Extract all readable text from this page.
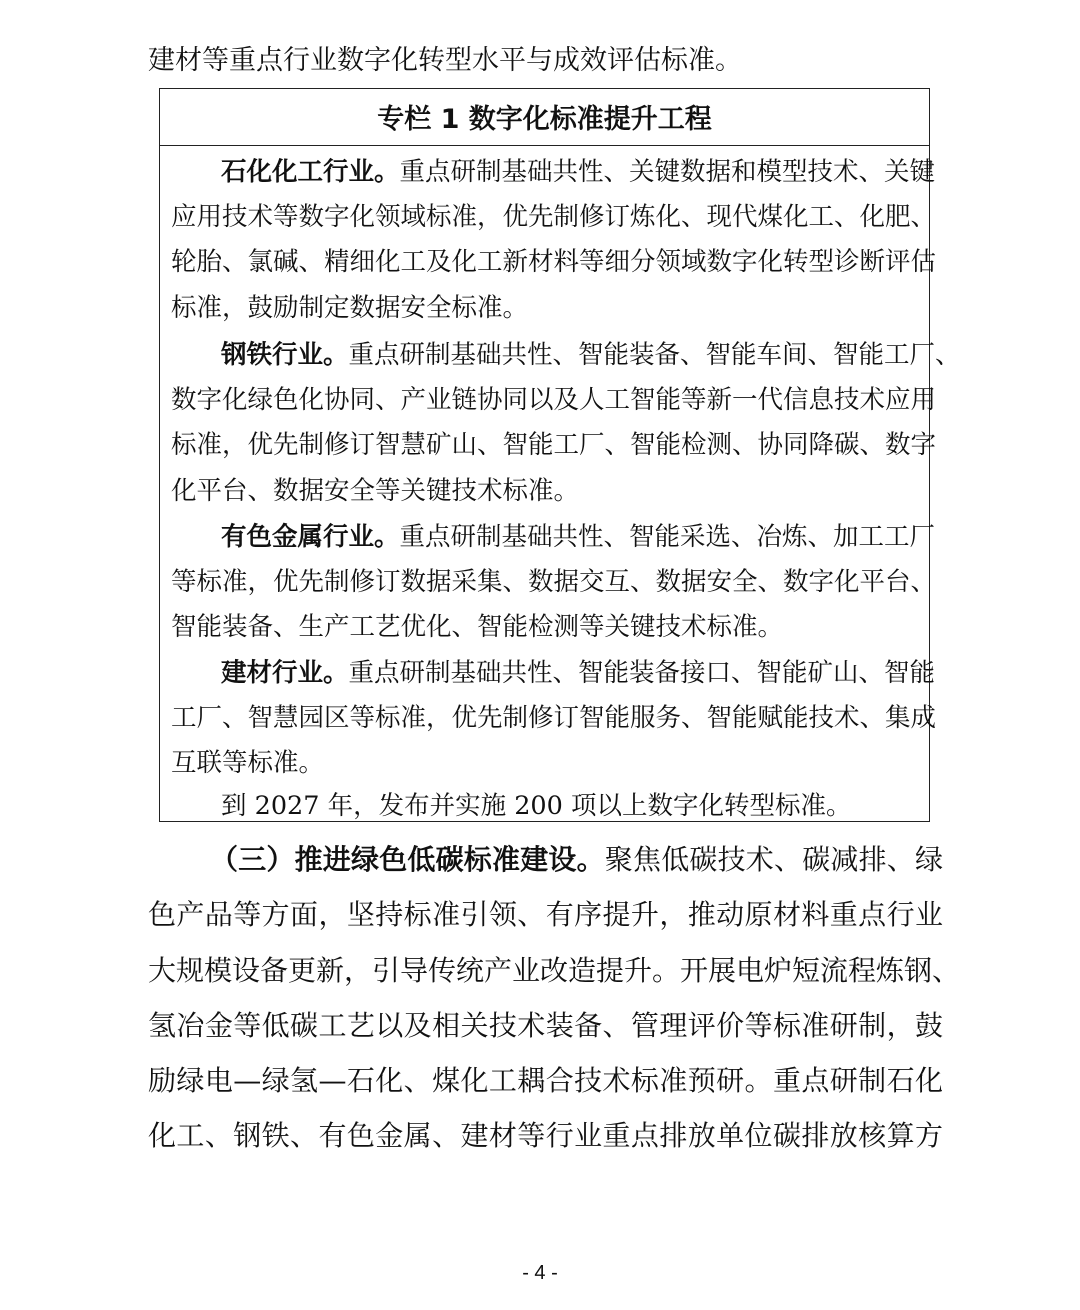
建材等重点行业数字化转型水平与成效评估标准。
专栏 1 数字化标准提升工程
石化化工行业。重点研制基础共性、关键数据和模型技术、关键
应用技术等数字化领域标准，优先制修订炼化、现代煤化工、化肥、
轮胎、氯碱、精细化工及化工新材料等细分领域数字化转型诊断评估
标准，鼓励制定数据安全标准。
钢铁行业。重点研制基础共性、智能装备、智能车间、智能工厂、
数字化绿色化协同、产业链协同以及人工智能等新一代信息技术应用
标准，优先制修订智慧矿山、智能工厂、智能检测、协同降碳、数字
化平台、数据安全等关键技术标准。
有色金属行业。重点研制基础共性、智能采选、冶炼、加工工厂
等标准，优先制修订数据采集、数据交互、数据安全、数字化平台、
智能装备、生产工艺优化、智能检测等关键技术标准。
建材行业。重点研制基础共性、智能装备接口、智能矿山、智能
工厂、智慧园区等标准，优先制修订智能服务、智能赋能技术、集成
互联等标准。
到 2027 年，发布并实施 200 项以上数字化转型标准。
（三）推进绿色低碳标准建设。聚焦低碳技术、碳减排、绿
色产品等方面，坚持标准引领、有序提升，推动原材料重点行业
大规模设备更新，引导传统产业改造提升。开展电炉短流程炼钢、
氢冶金等低碳工艺以及相关技术装备、管理评价等标准研制，鼓
励绿电—绿氢—石化、煤化工耦合技术标准预研。重点研制石化
化工、钢铁、有色金属、建材等行业重点排放单位碳排放核算方
- 4 -
